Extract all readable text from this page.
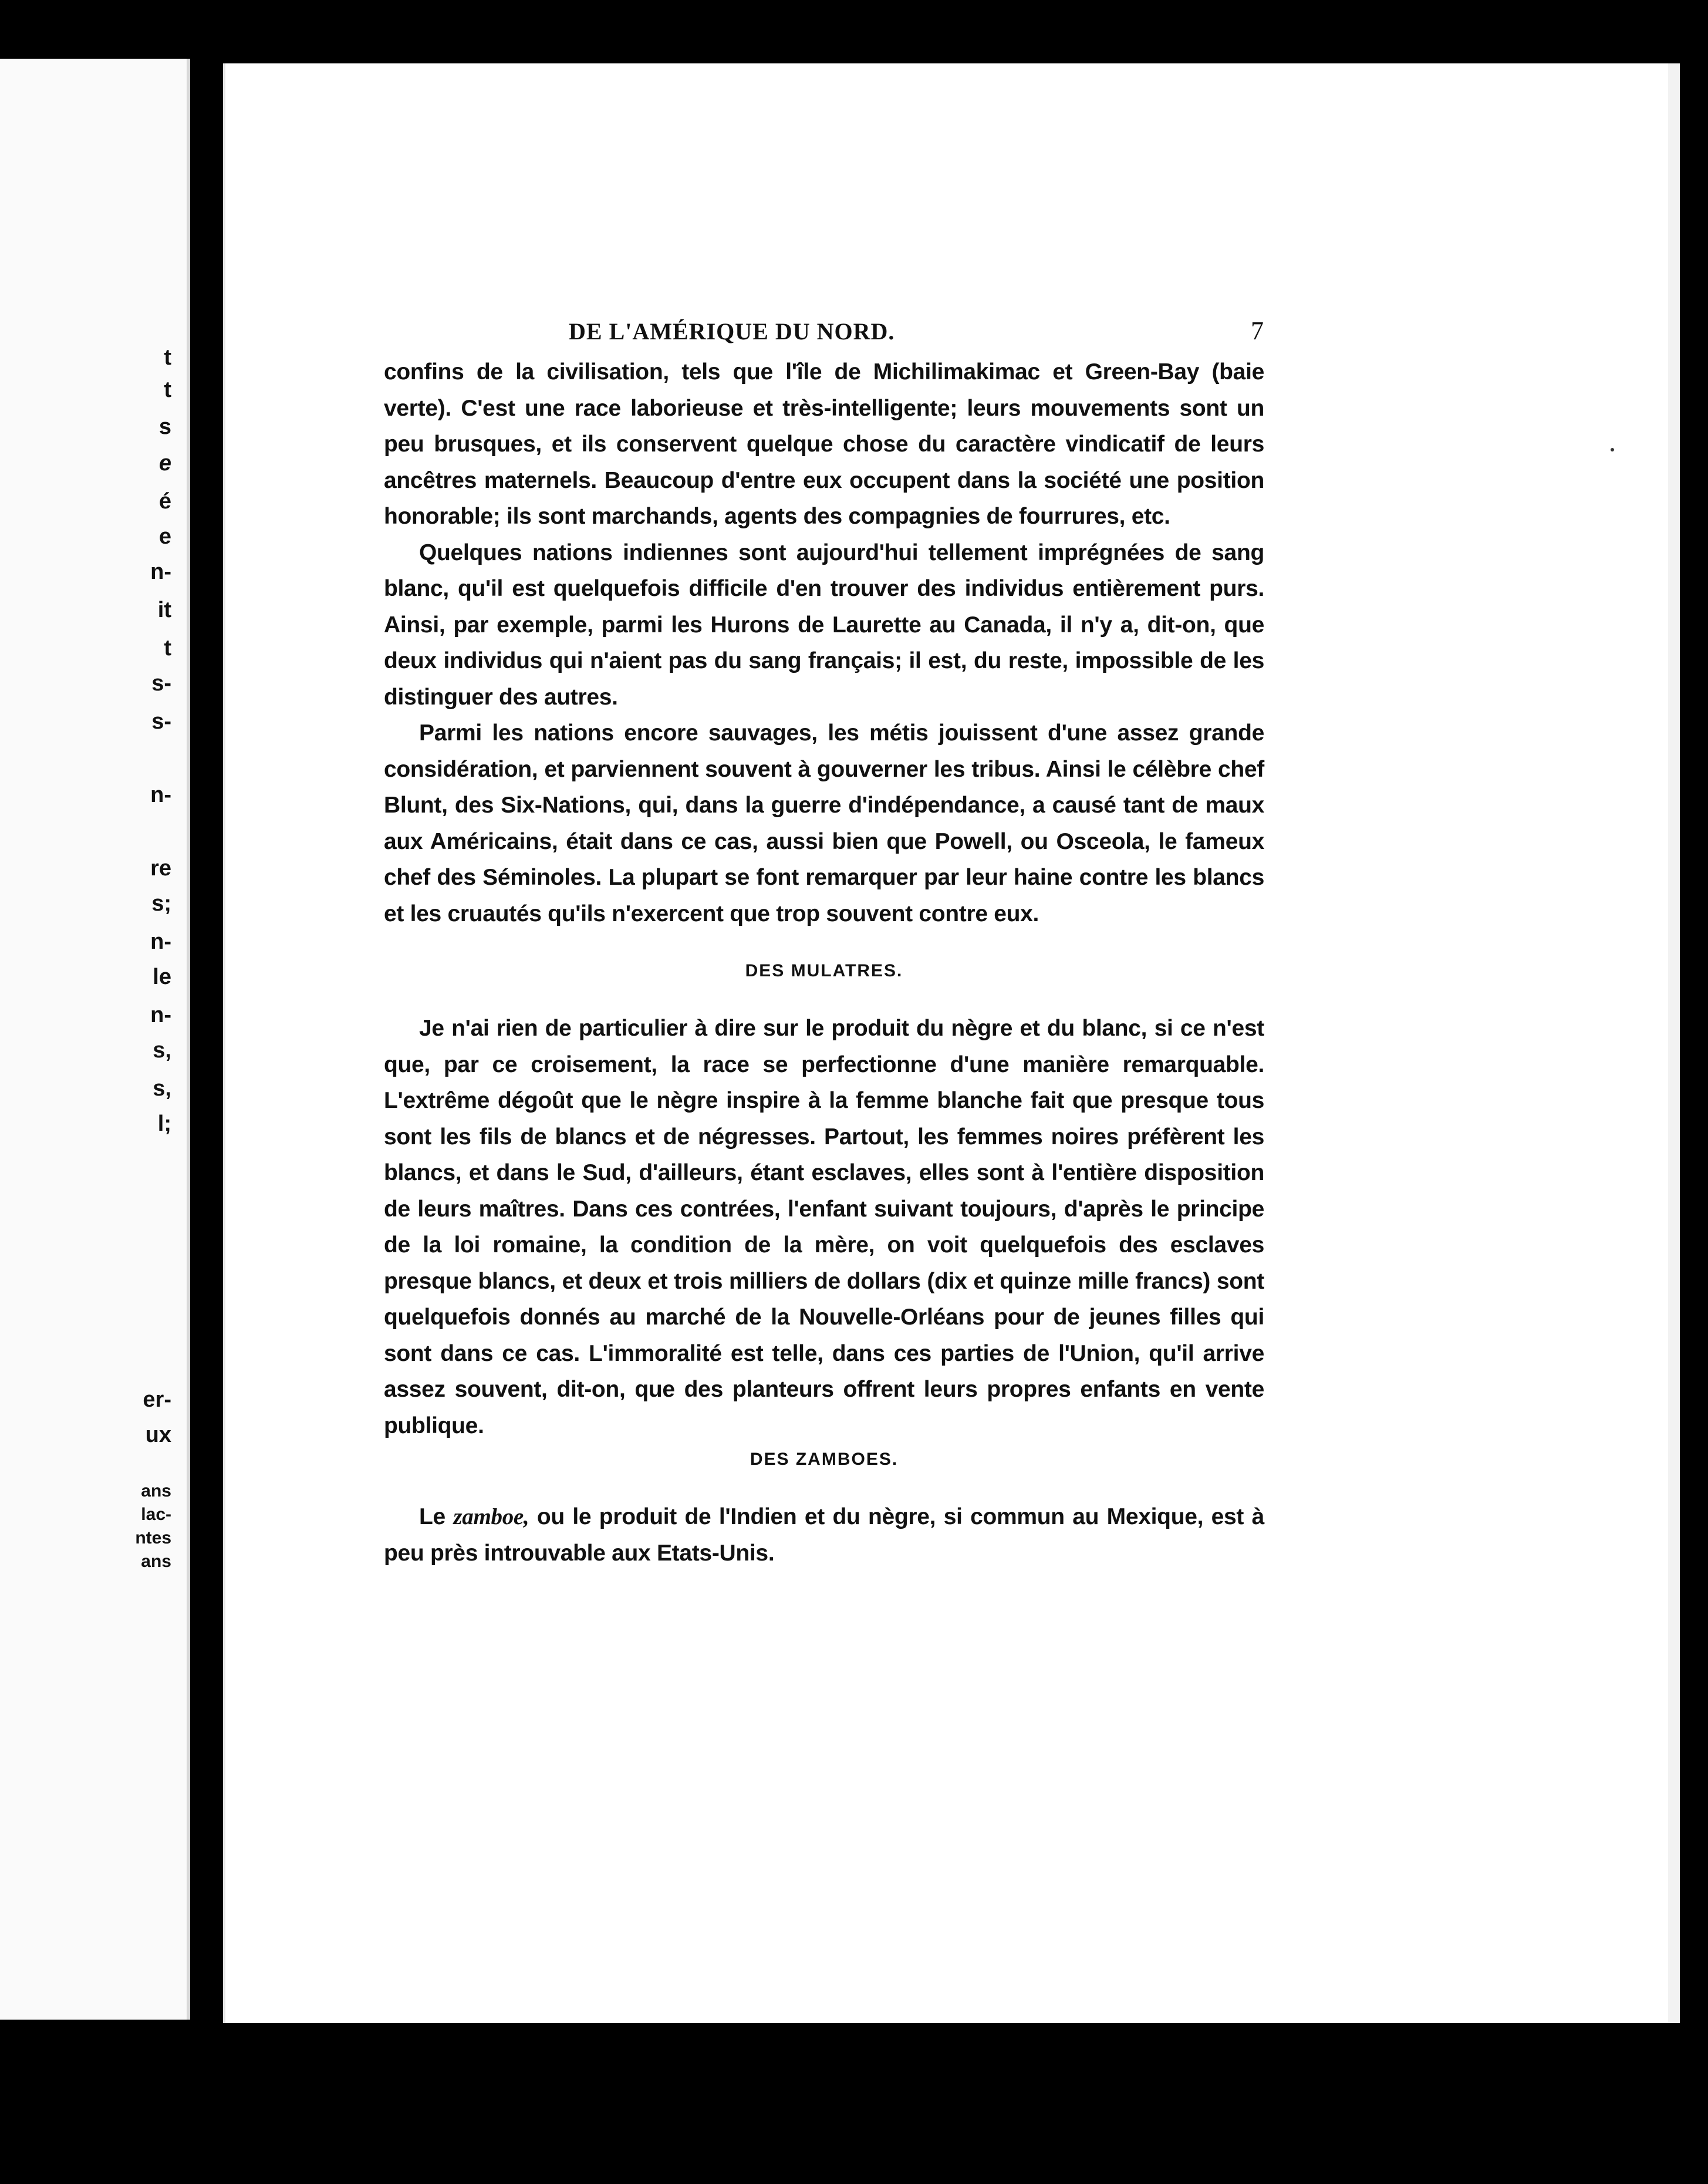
t
t
s
e
é
e
n-
it
t
s-
s-
n-
re
s;
n-
le
n-
s,
s,
l;
er-
ux
ans
lac-
ntes
ans
DE L'AMÉRIQUE DU NORD.	7

confins de la civilisation, tels que l'île de Michilimakimac et Green-Bay (baie verte). C'est une race laborieuse et très-intelligente; leurs mouvements sont un peu brusques, et ils conservent quelque chose du caractère vindicatif de leurs ancêtres maternels. Beaucoup d'entre eux occupent dans la société une position honorable; ils sont marchands, agents des compagnies de fourrures, etc.

Quelques nations indiennes sont aujourd'hui tellement imprégnées de sang blanc, qu'il est quelquefois difficile d'en trouver des individus entièrement purs. Ainsi, par exemple, parmi les Hurons de Laurette au Canada, il n'y a, dit-on, que deux individus qui n'aient pas du sang français; il est, du reste, impossible de les distinguer des autres.

Parmi les nations encore sauvages, les métis jouissent d'une assez grande considération, et parviennent souvent à gouverner les tribus. Ainsi le célèbre chef Blunt, des Six-Nations, qui, dans la guerre d'indépendance, a causé tant de maux aux Américains, était dans ce cas, aussi bien que Powell, ou Osceola, le fameux chef des Séminoles. La plupart se font remarquer par leur haine contre les blancs et les cruautés qu'ils n'exercent que trop souvent contre eux.

DES MULATRES.

Je n'ai rien de particulier à dire sur le produit du nègre et du blanc, si ce n'est que, par ce croisement, la race se perfectionne d'une manière remarquable. L'extrême dégoût que le nègre inspire à la femme blanche fait que presque tous sont les fils de blancs et de négresses. Partout, les femmes noires préfèrent les blancs, et dans le Sud, d'ailleurs, étant esclaves, elles sont à l'entière disposition de leurs maîtres. Dans ces contrées, l'enfant suivant toujours, d'après le principe de la loi romaine, la condition de la mère, on voit quelquefois des esclaves presque blancs, et deux et trois milliers de dollars (dix et quinze mille francs) sont quelquefois donnés au marché de la Nouvelle-Orléans pour de jeunes filles qui sont dans ce cas. L'immoralité est telle, dans ces parties de l'Union, qu'il arrive assez souvent, dit-on, que des planteurs offrent leurs propres enfants en vente publique.

DES ZAMBOES.

Le zamboe, ou le produit de l'Indien et du nègre, si commun au Mexique, est à peu près introuvable aux Etats-Unis.
